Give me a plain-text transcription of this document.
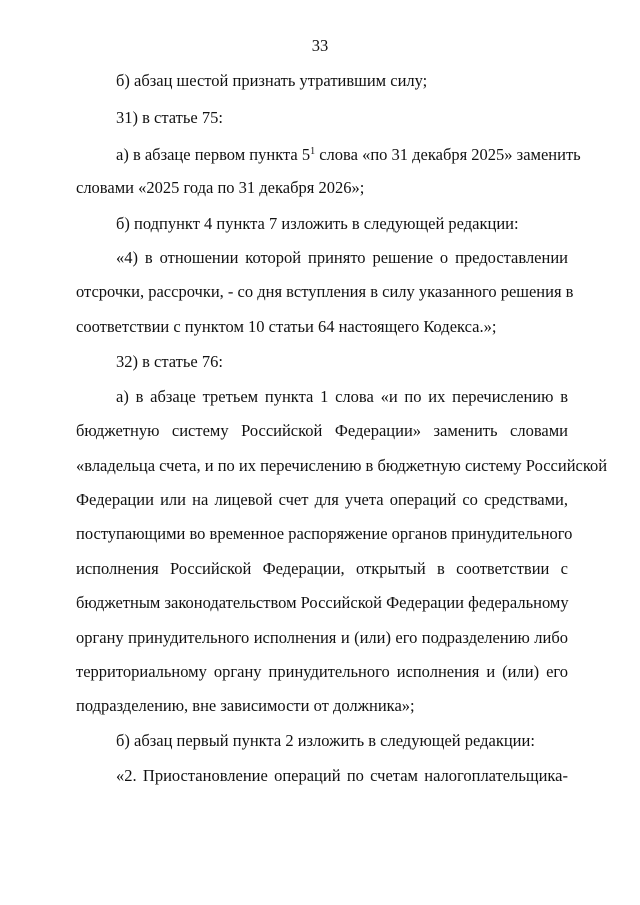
33
б) абзац шестой признать утратившим силу;
31) в статье 75:
а) в абзаце первом пункта $5^1$ слова «по 31 декабря 2025» заменить
словами «2025 года по 31 декабря 2026»;
б) подпункт 4 пункта 7 изложить в следующей редакции:
«4) в отношении которой принято решение о предоставлении
отсрочки, рассрочки, - со дня вступления в силу указанного решения в
соответствии с пунктом 10 статьи 64 настоящего Кодекса.»;
32) в статье 76:
а) в абзаце третьем пункта 1 слова «и по их перечислению в
бюджетную систему Российской Федерации» заменить словами
«владельца счета, и по их перечислению в бюджетную систему Российской
Федерации или на лицевой счет для учета операций со средствами,
поступающими во временное распоряжение органов принудительного
исполнения Российской Федерации, открытый в соответствии с
бюджетным законодательством Российской Федерации федеральному
органу принудительного исполнения и (или) его подразделению либо
территориальному органу принудительного исполнения и (или) его
подразделению, вне зависимости от должника»;
б) абзац первый пункта 2 изложить в следующей редакции:
«2. Приостановление операций по счетам налогоплательщика-
